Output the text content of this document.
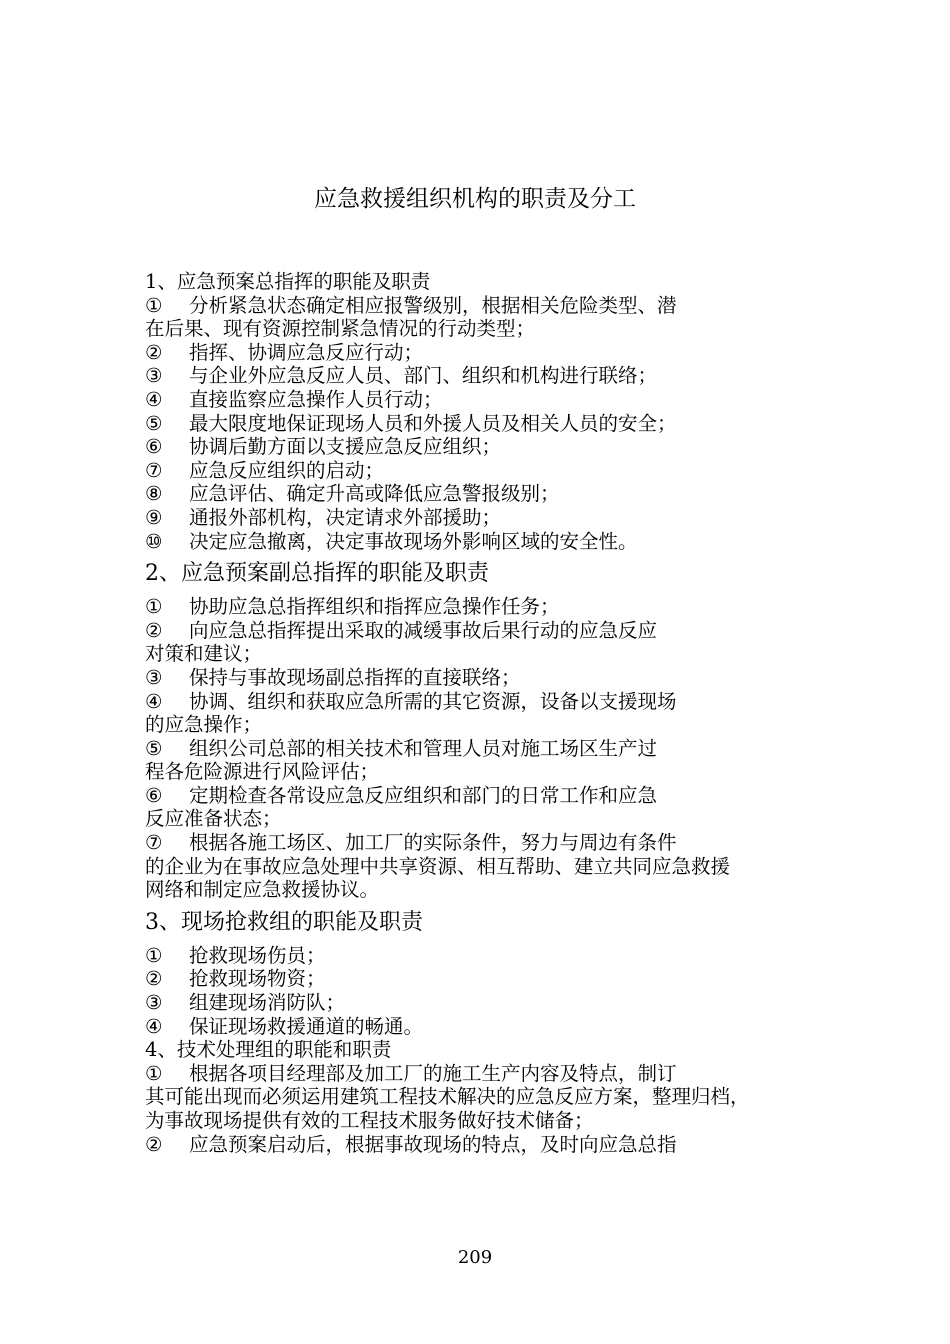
应急救援组织机构的职责及分工
1、应急预案总指挥的职能及职责
① 分析紧急状态确定相应报警级别，根据相关危险类型、潜
在后果、现有资源控制紧急情况的行动类型；
② 指挥、协调应急反应行动；
③ 与企业外应急反应人员、部门、组织和机构进行联络；
④ 直接监察应急操作人员行动；
⑤ 最大限度地保证现场人员和外援人员及相关人员的安全；
⑥ 协调后勤方面以支援应急反应组织；
⑦ 应急反应组织的启动；
⑧ 应急评估、确定升高或降低应急警报级别；
⑨ 通报外部机构，决定请求外部援助；
⑩ 决定应急撤离，决定事故现场外影响区域的安全性。
2、应急预案副总指挥的职能及职责
① 协助应急总指挥组织和指挥应急操作任务；
② 向应急总指挥提出采取的减缓事故后果行动的应急反应
对策和建议；
③ 保持与事故现场副总指挥的直接联络；
④ 协调、组织和获取应急所需的其它资源，设备以支援现场
的应急操作；
⑤ 组织公司总部的相关技术和管理人员对施工场区生产过
程各危险源进行风险评估；
⑥ 定期检查各常设应急反应组织和部门的日常工作和应急
反应准备状态；
⑦ 根据各施工场区、加工厂的实际条件，努力与周边有条件
的企业为在事故应急处理中共享资源、相互帮助、建立共同应急救援
网络和制定应急救援协议。
3、现场抢救组的职能及职责
① 抢救现场伤员；
② 抢救现场物资；
③ 组建现场消防队；
④ 保证现场救援通道的畅通。
4、技术处理组的职能和职责
① 根据各项目经理部及加工厂的施工生产内容及特点，制订
其可能出现而必须运用建筑工程技术解决的应急反应方案，整理归档，
为事故现场提供有效的工程技术服务做好技术储备；
② 应急预案启动后，根据事故现场的特点，及时向应急总指
209
